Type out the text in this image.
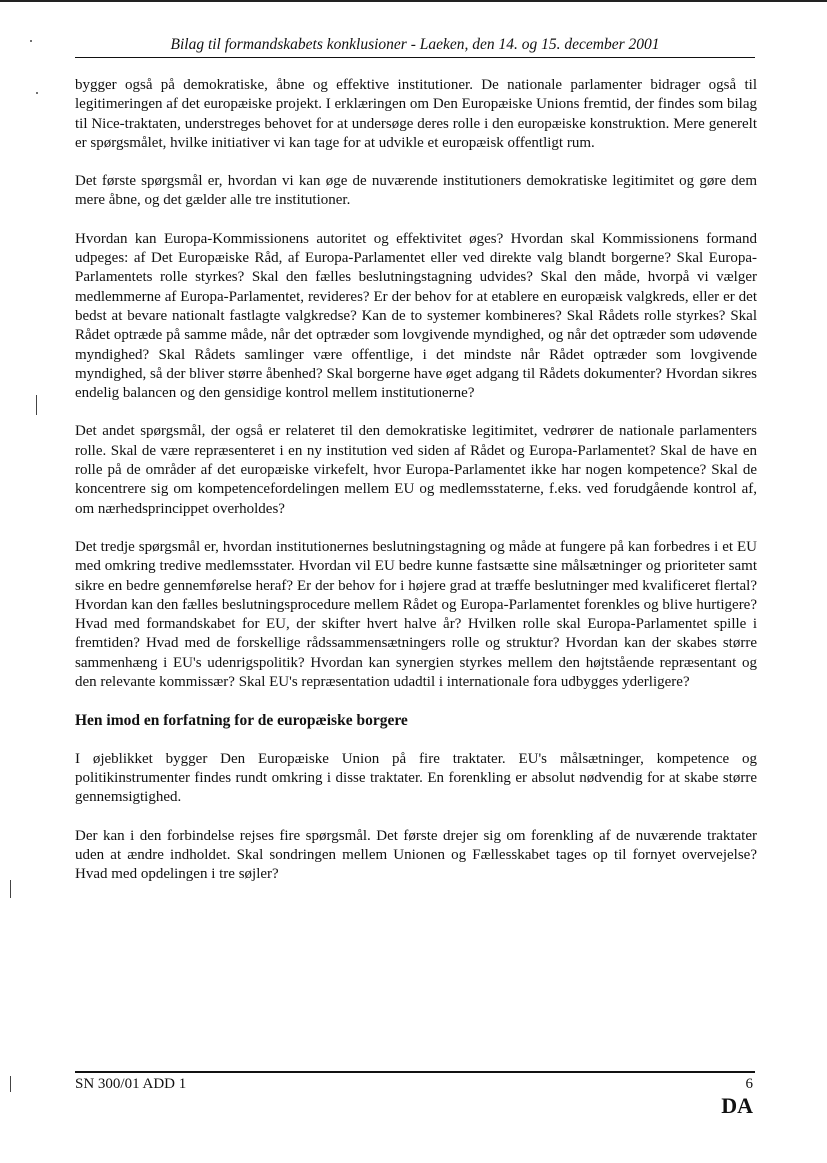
Bilag til formandskabets konklusioner - Laeken, den 14. og 15. december 2001

bygger også på demokratiske, åbne og effektive institutioner. De nationale parlamenter bidrager også til legitimeringen af det europæiske projekt. I erklæringen om Den Europæiske Unions fremtid, der findes som bilag til Nice-traktaten, understreges behovet for at undersøge deres rolle i den europæiske konstruktion. Mere generelt er spørgsmålet, hvilke initiativer vi kan tage for at udvikle et europæisk offentligt rum.

Det første spørgsmål er, hvordan vi kan øge de nuværende institutioners demokratiske legitimitet og gøre dem mere åbne, og det gælder alle tre institutioner.

Hvordan kan Europa-Kommissionens autoritet og effektivitet øges? Hvordan skal Kommissionens formand udpeges: af Det Europæiske Råd, af Europa-Parlamentet eller ved direkte valg blandt borgerne? Skal Europa-Parlamentets rolle styrkes? Skal den fælles beslutningstagning udvides? Skal den måde, hvorpå vi vælger medlemmerne af Europa-Parlamentet, revideres? Er der behov for at etablere en europæisk valgkreds, eller er det bedst at bevare nationalt fastlagte valgkredse? Kan de to systemer kombineres? Skal Rådets rolle styrkes? Skal Rådet optræde på samme måde, når det optræder som lovgivende myndighed, og når det optræder som udøvende myndighed? Skal Rådets samlinger være offentlige, i det mindste når Rådet optræder som lovgivende myndighed, så der bliver større åbenhed? Skal borgerne have øget adgang til Rådets dokumenter? Hvordan sikres endelig balancen og den gensidige kontrol mellem institutionerne?

Det andet spørgsmål, der også er relateret til den demokratiske legitimitet, vedrører de nationale parlamenters rolle. Skal de være repræsenteret i en ny institution ved siden af Rådet og Europa-Parlamentet? Skal de have en rolle på de områder af det europæiske virkefelt, hvor Europa-Parlamentet ikke har nogen kompetence? Skal de koncentrere sig om kompetencefordelingen mellem EU og medlemsstaterne, f.eks. ved forudgående kontrol af, om nærhedsprincippet overholdes?

Det tredje spørgsmål er, hvordan institutionernes beslutningstagning og måde at fungere på kan forbedres i et EU med omkring tredive medlemsstater. Hvordan vil EU bedre kunne fastsætte sine målsætninger og prioriteter samt sikre en bedre gennemførelse heraf? Er der behov for i højere grad at træffe beslutninger med kvalificeret flertal? Hvordan kan den fælles beslutningsprocedure mellem Rådet og Europa-Parlamentet forenkles og blive hurtigere? Hvad med formandskabet for EU, der skifter hvert halve år? Hvilken rolle skal Europa-Parlamentet spille i fremtiden? Hvad med de forskellige rådssammensætningers rolle og struktur? Hvordan kan der skabes større sammenhæng i EU's udenrigspolitik? Hvordan kan synergien styrkes mellem den højtstående repræsentant og den relevante kommissær? Skal EU's repræsentation udadtil i internationale fora udbygges yderligere?

Hen imod en forfatning for de europæiske borgere

I øjeblikket bygger Den Europæiske Union på fire traktater. EU's målsætninger, kompetence og politikinstrumenter findes rundt omkring i disse traktater. En forenkling er absolut nødvendig for at skabe større gennemsigtighed.

Der kan i den forbindelse rejses fire spørgsmål. Det første drejer sig om forenkling af de nuværende traktater uden at ændre indholdet. Skal sondringen mellem Unionen og Fællesskabet tages op til fornyet overvejelse? Hvad med opdelingen i tre søjler?

SN 300/01 ADD 1	6
DA
